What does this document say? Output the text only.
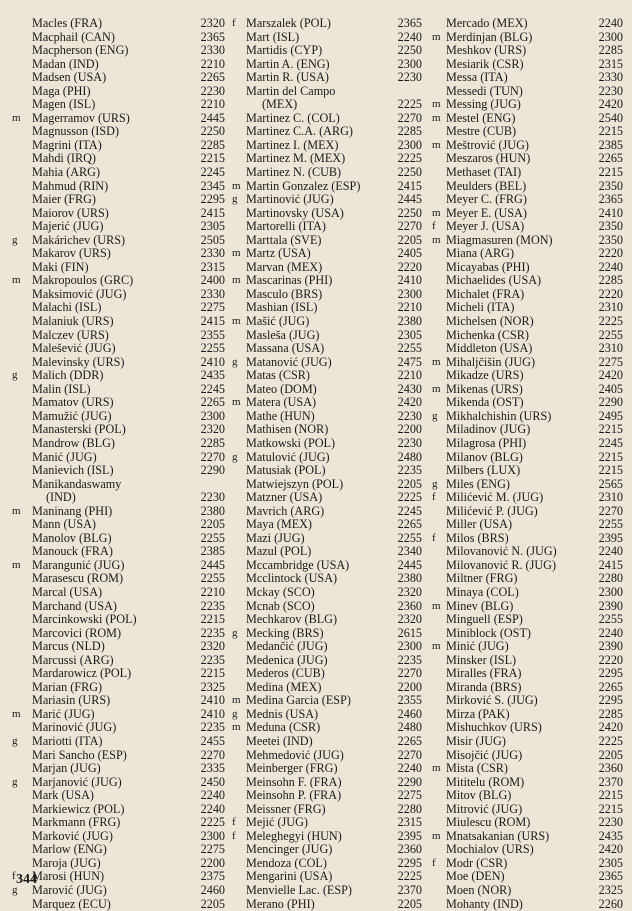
Macles (FRA)	2320
Macphail (CAN)	2365
Macpherson (ENG)	2330
Madan (IND)	2210
Madsen (USA)	2265
Maga (PHI)	2230
Magen (ISL)	2210
m Magerramov (URS)	2445
Magnusson (ISD)	2250
Magrini (ITA)	2285
Mahdi (IRQ)	2215
Mahia (ARG)	2245
Mahmud (RIN)	2345
Maier (FRG)	2295
Maiorov (URS)	2415
Majerić (JUG)	2305
g	Makárichev (URS)	2505
Makarov (URS)	2330
Maki (FIN)	2315
m Makropoulos (GRC)	2400
Maksimović (JUG)	2330
Malachi (ISL)	2275
Malaniuk (URS)	2415
Malczev (URS)	2355
Malešević (JUG)	2255
Malevinsky (URS)	2410
g	Malich (DDR)	2435
Malin (ISL)	2245
Mamatov (URS)	2265
Mamužić (JUG)	2300
Manasterski (POL)	2320
Mandrow (BLG)	2285
Manić (JUG)	2270
Manievich (ISL)	2290
Manikandaswamy
(IND)	2230
m Maninang (PHI)	2380
Mann (USA)	2205
Manolov (BLG)	2255
Manouck (FRA)	2385
m Marangunić (JUG)	2445
Marasescu (ROM)	2255
Marcal (USA)	2210
Marchand (USA)	2235
Marcinkowski (POL)	2215
Marcovici (ROM)	2235
Marcus (NLD)	2320
Marcussi (ARG)	2235
Mardarowicz (POL)	2215
Marian (FRG)	2325
Mariasin (URS)	2410
m Marić (JUG)	2410
Marinović (JUG)	2235
g	Mariotti (ITA)	2455
Mari Sancho (ESP)	2270
Marjan (JUG)	2335
g	Marjanović (JUG)	2450
Mark (USA)	2240
Markiewicz (POL)	2240
Markmann (FRG)	2225
Marković (JUG)	2300
Marlow (ENG)	2275
Maroja (JUG)	2200
f	Marosi (HUN)	2375
g	Marović (JUG)	2460
Marquez (ECU)	2205
f Marszalek (POL)	2365
Mart (ISL)	2240
Martidis (CYP)	2250
Martin A. (ENG)	2300
Martin R. (USA)	2230
Martin del Campo
(MEX)	2225
Martinez C. (COL)	2270
Martinez C.A. (ARG)	2285
Martinez I. (MEX)	2300
Martinez M. (MEX)	2225
Martinez N. (CUB)	2250
m Martin Gonzalez (ESP)	2415
g Martinović (JUG)	2445
Martinovsky (USA)	2250
Martorelli (ITA)	2270
Marttala (SVE)	2205
m Martz (USA)	2405
Marvan (MEX)	2220
m Mascarinas (PHI)	2410
Masculo (BRS)	2300
Mashian (ISL)	2210
m Mašić (JUG)	2380
Masleša (JUG)	2305
Massana (USA)	2255
g Matanović (JUG)	2475
Matas (CSR)	2210
Mateo (DOM)	2430
m Matera (USA)	2420
Mathe (HUN)	2230
Mathisen (NOR)	2200
Matkowski (POL)	2230
g Matulović (JUG)	2480
Matusiak (POL)	2235
Matwiejszyn (POL)	2205
Matzner (USA)	2225
Mavrich (ARG)	2245
Maya (MEX)	2265
Mazi (JUG)	2255
Mazul (POL)	2340
Mccambridge (USA)	2445
Mcclintock (USA)	2380
Mckay (SCO)	2320
Mcnab (SCO)	2360
Mechkarov (BLG)	2320
g Mecking (BRS)	2615
Medančić (JUG)	2300
Medenica (JUG)	2235
Mederos (CUB)	2270
Medina (MEX)	2200
m Medina Garcia (ESP)	2355
g Mednis (USA)	2460
m Meduna (CSR)	2480
Meetei (IND)	2265
Mehmedović (JUG)	2270
Meinberger (FRG)	2240
Meinsohn F. (FRA)	2290
Meinsohn P. (FRA)	2275
Meissner (FRG)	2280
f Mejić (JUG)	2315
f Meleghegyi (HUN)	2395
Mencinger (JUG)	2360
Mendoza (COL)	2295
Mengarini (USA)	2225
Menvielle Lac. (ESP)	2370
Merano (PHI)	2205
Mercado (MEX)	2240
m Merdinjan (BLG)	2300
Meshkov (URS)	2285
Mesiarik (CSR)	2315
Messa (ITA)	2330
Messedi (TUN)	2230
m Messing (JUG)	2420
m Mestel (ENG)	2540
Mestre (CUB)	2215
m Meštrović (JUG)	2385
Meszaros (HUN)	2265
Methaset (TAI)	2215
Meulders (BEL)	2350
Meyer C. (FRG)	2365
m Meyer E. (USA)	2410
f Meyer J. (USA)	2350
m Miagmasuren (MON)	2350
Miana (ARG)	2220
Micayabas (PHI)	2240
Michaelides (USA)	2285
Michalet (FRA)	2220
Micheli (ITA)	2310
Michelsen (NOR)	2225
Michenka (CSR)	2255
Middleton (USA)	2310
m Mihaljčišin (JUG)	2275
Mikadze (URS)	2420
m Mikenas (URS)	2405
Mikenda (OST)	2290
g Mikhalchishin (URS)	2495
Miladinov (JUG)	2215
Milagrosa (PHI)	2245
Milanov (BLG)	2215
Milbers (LUX)	2215
g Miles (ENG)	2565
f Milićević M. (JUG)	2310
Milićević P. (JUG)	2270
Miller (USA)	2255
f Milos (BRS)	2395
Milovanović N. (JUG)	2240
Milovanović R. (JUG)	2415
Miltner (FRG)	2280
Minaya (COL)	2300
m Minev (BLG)	2390
Minguell (ESP)	2255
Miniblock (OST)	2240
m Minić (JUG)	2390
Minsker (ISL)	2220
Miralles (FRA)	2295
Miranda (BRS)	2265
Mirković S. (JUG)	2295
Mirza (PAK)	2285
Mishuchkov (URS)	2420
Misir (JUG)	2225
Misojčić (JUG)	2205
m Mista (CSR)	2360
Mititelu (ROM)	2370
Mitov (BLG)	2215
Mitrović (JUG)	2215
Miulescu (ROM)	2230
m Mnatsakanian (URS)	2435
Mochialov (URS)	2420
f Modr (CSR)	2305
Moe (DEN)	2365
Moen (NOR)	2325
Mohanty (IND)	2260
344
